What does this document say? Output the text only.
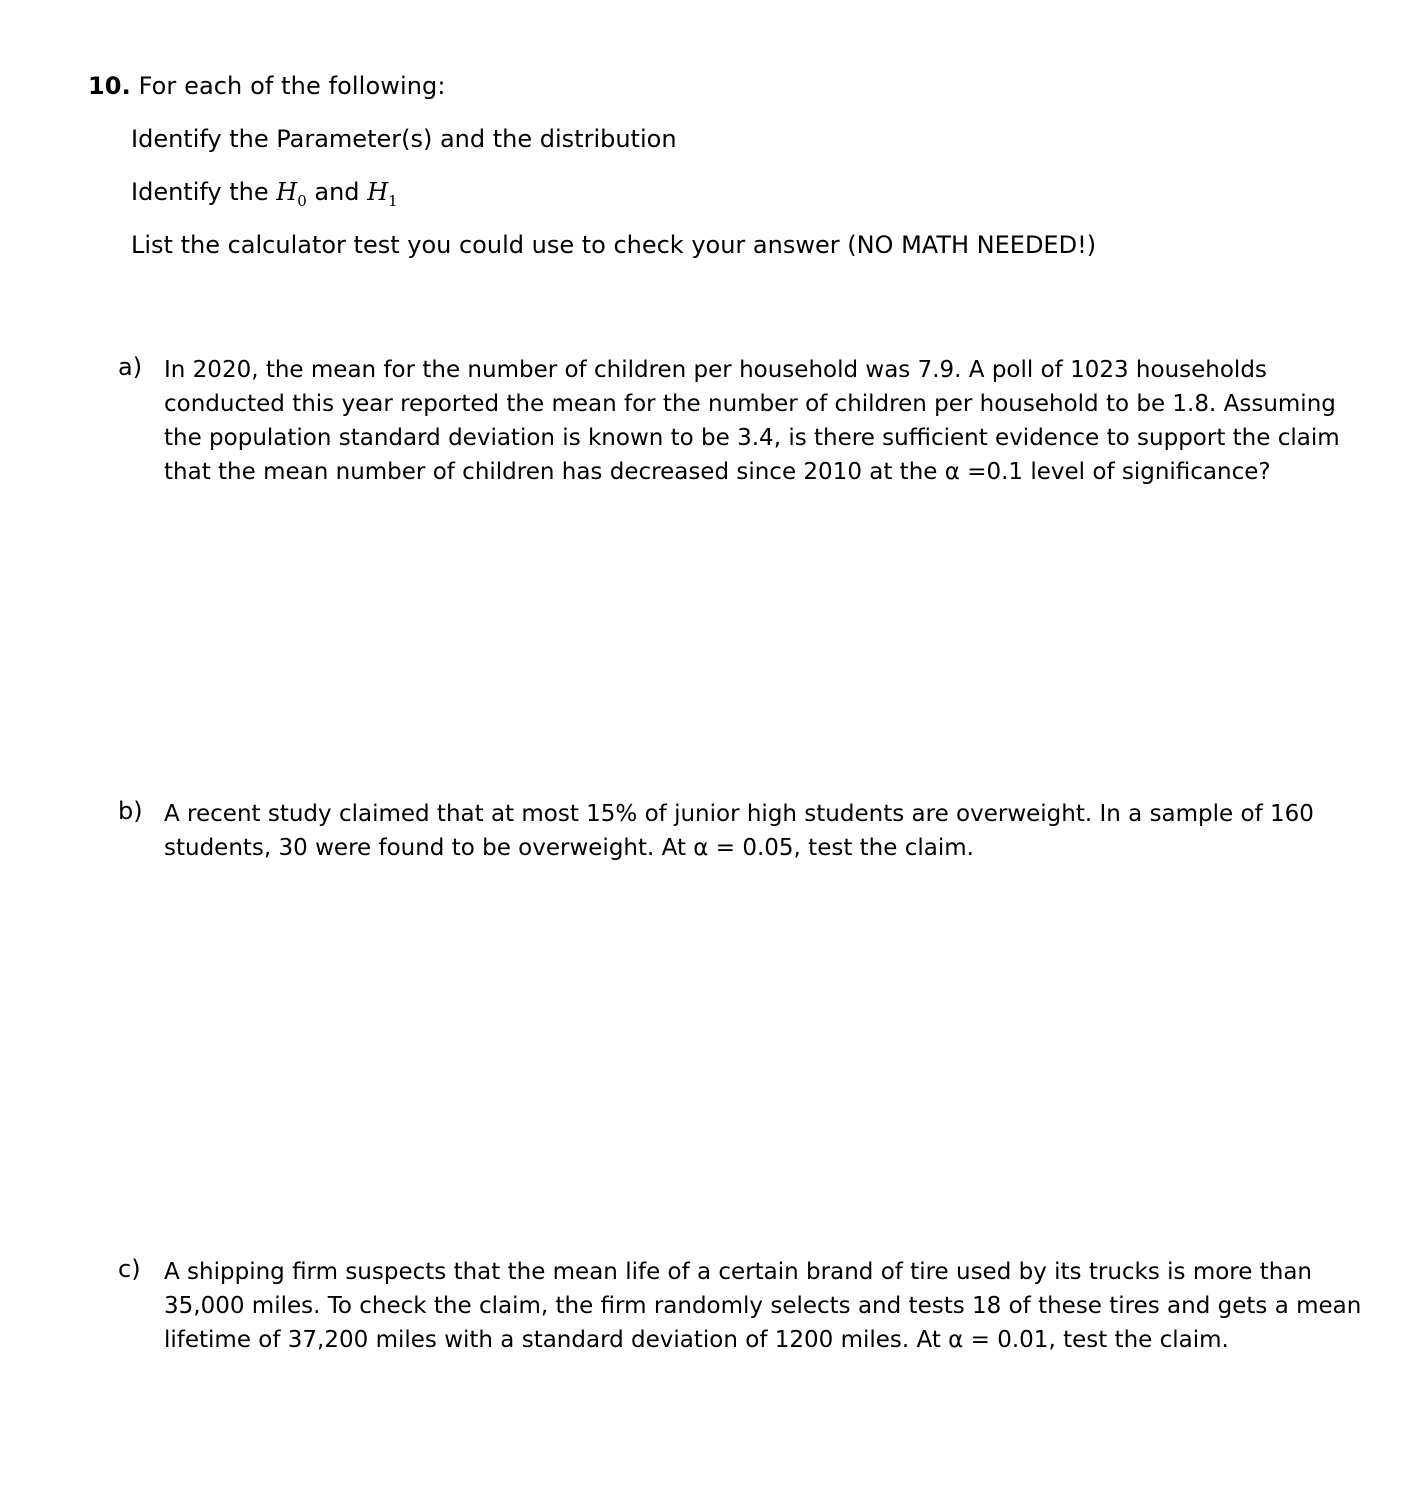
10. For each of the following:
Identify the Parameter(s) and the distribution
Identify the $H_0$ and $H_1$
List the calculator test you could use to check your answer (NO MATH NEEDED!)
a) In 2020, the mean for the number of children per household was 7.9. A poll of 1023 households conducted this year reported the mean for the number of children per household to be 1.8. Assuming the population standard deviation is known to be 3.4, is there sufficient evidence to support the claim that the mean number of children has decreased since 2010 at the α =0.1 level of significance?
b) A recent study claimed that at most 15% of junior high students are overweight. In a sample of 160 students, 30 were found to be overweight. At α = 0.05, test the claim.
c)	A shipping firm suspects that the mean life of a certain brand of tire used by its trucks is more than 35,000 miles. To check the claim, the firm randomly selects and tests 18 of these tires and gets a mean lifetime of 37,200 miles with a standard deviation of 1200 miles. At α = 0.01, test the claim.
